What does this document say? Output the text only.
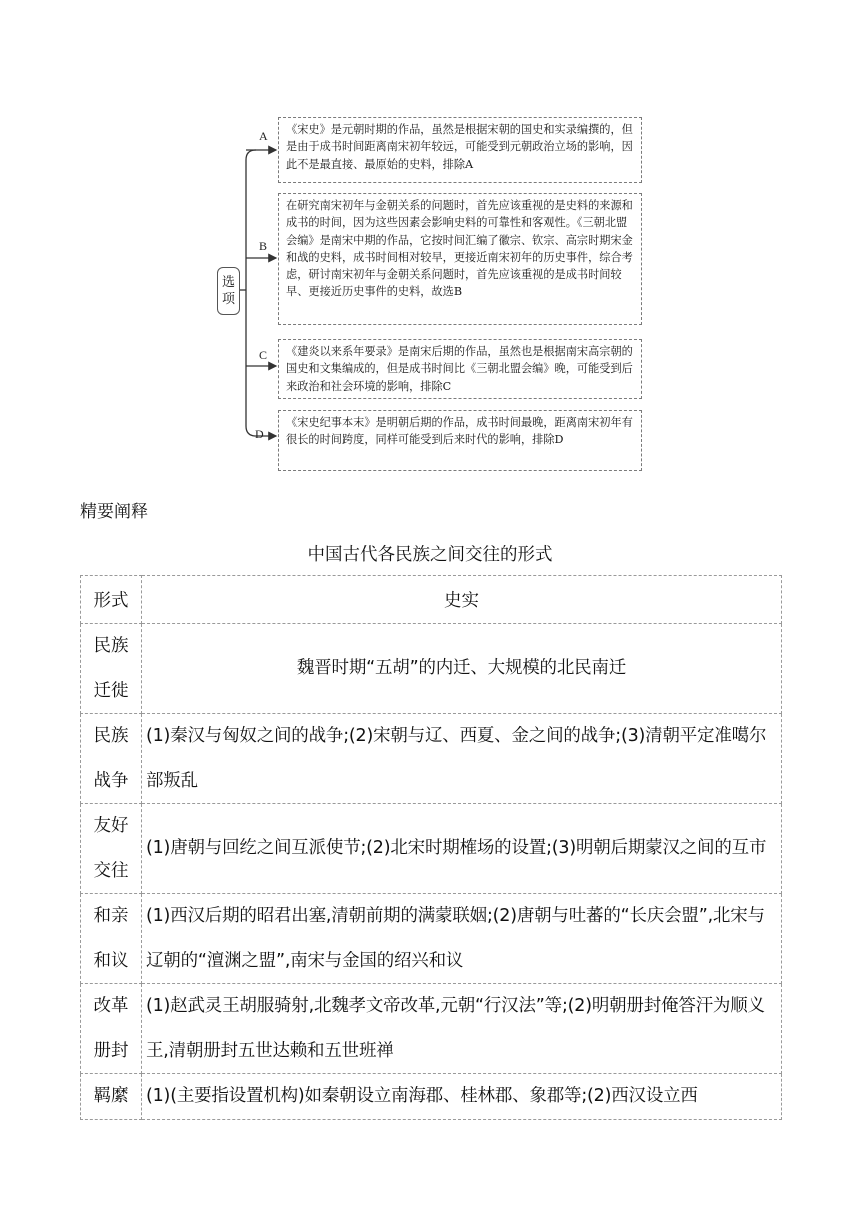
选
项
A	《宋史》是元朝时期的作品，虽然是根据宋朝的国史和实录编撰的，但是由于成书时间距离南宋初年较远，可能受到元朝政治立场的影响，因此不是最直接、最原始的史料，排除A
B
在研究南宋初年与金朝关系的问题时，首先应该重视的是史料的来源和成书的时间，因为这些因素会影响史料的可靠性和客观性。《三朝北盟会编》是南宋中期的作品，它按时间汇编了徽宗、钦宗、高宗时期宋金和战的史料，成书时间相对较早，更接近南宋初年的历史事件，综合考虑，研讨南宋初年与金朝关系问题时，首先应该重视的是成书时间较早、更接近历史事件的史料，故选B
C	《建炎以来系年要录》是南宋后期的作品，虽然也是根据南宋高宗朝的国史和文集编成的，但是成书时间比《三朝北盟会编》晚，可能受到后来政治和社会环境的影响，排除C
D
《宋史纪事本末》是明朝后期的作品，成书时间最晚，距离南宋初年有很长的时间跨度，同样可能受到后来时代的影响，排除D
精要阐释
中国古代各民族之间交往的形式
形式	史实

民族
迁徙	魏晋时期“五胡”的内迁、大规模的北民南迁

民族
战争	(1)秦汉与匈奴之间的战争;(2)宋朝与辽、西夏、金之间的战争;(3)清朝平定准噶尔部叛乱

友好
交往	(1)唐朝与回纥之间互派使节;(2)北宋时期榷场的设置;(3)明朝后期蒙汉之间的互市

和亲
和议	(1)西汉后期的昭君出塞,清朝前期的满蒙联姻;(2)唐朝与吐蕃的“长庆会盟”,北宋与辽朝的“澶渊之盟”,南宋与金国的绍兴和议

改革
册封	(1)赵武灵王胡服骑射,北魏孝文帝改革,元朝“行汉法”等;(2)明朝册封俺答汗为顺义王,清朝册封五世达赖和五世班禅

羁縻	(1)(主要指设置机构)如秦朝设立南海郡、桂林郡、象郡等;(2)西汉设立西
